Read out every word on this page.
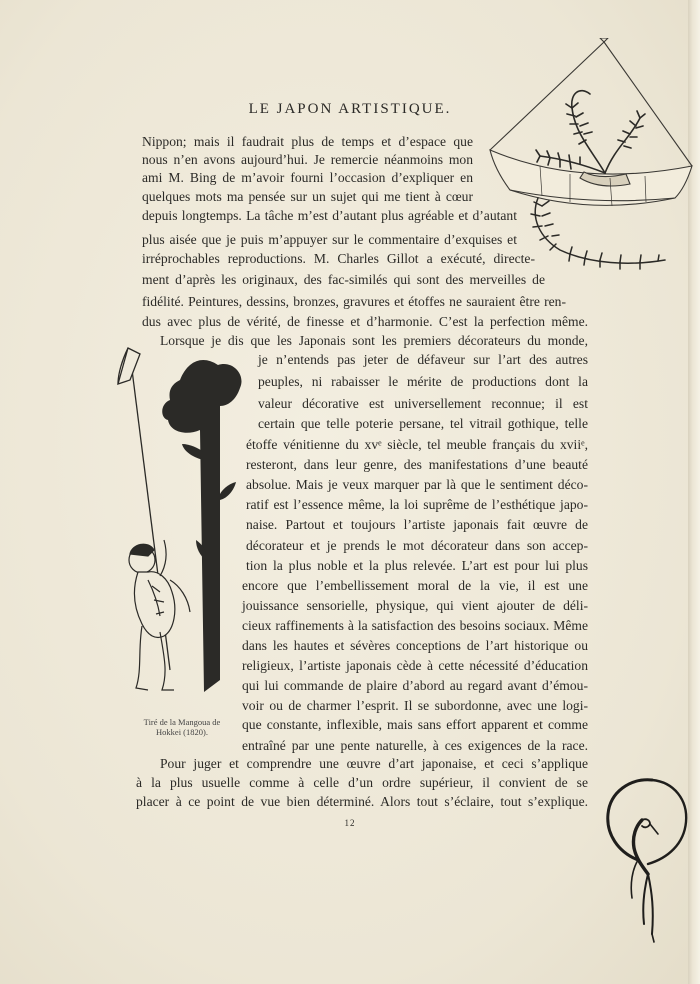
LE JAPON ARTISTIQUE.
Tiré de la Mangoua de
Hokkei (1820).
Nippon; mais il faudrait plus de temps et d’espace que
nous n’en avons aujourd’hui. Je remercie néanmoins mon
ami M. Bing de m’avoir fourni l’occasion d’expliquer en
quelques mots ma pensée sur un sujet qui me tient à cœur
depuis longtemps. La tâche m’est d’autant plus agréable et d’autant
plus aisée que je puis m’appuyer sur le commentaire d’exquises et
irréprochables reproductions. M. Charles Gillot a exécuté, directe-
ment d’après les originaux, des fac-similés qui sont des merveilles de
fidélité. Peintures, dessins, bronzes, gravures et étoffes ne sauraient être ren-
dus avec plus de vérité, de finesse et d’harmonie. C’est la perfection même.
Lorsque je dis que les Japonais sont les premiers décorateurs du monde,
je n’entends pas jeter de défaveur sur l’art des autres
peuples, ni rabaisser le mérite de productions dont la
valeur décorative est universellement reconnue; il est
certain que telle poterie persane, tel vitrail gothique, telle
étoffe vénitienne du xvᵉ siècle, tel meuble français du xviiᵉ,
resteront, dans leur genre, des manifestations d’une beauté
absolue. Mais je veux marquer par là que le sentiment déco-
ratif est l’essence même, la loi suprême de l’esthétique japo-
naise. Partout et toujours l’artiste japonais fait œuvre de
décorateur et je prends le mot décorateur dans son accep-
tion la plus noble et la plus relevée. L’art est pour lui plus
encore que l’embellissement moral de la vie, il est une
jouissance sensorielle, physique, qui vient ajouter de déli-
cieux raffinements à la satisfaction des besoins sociaux. Même
dans les hautes et sévères conceptions de l’art historique ou
religieux, l’artiste japonais cède à cette nécessité d’éducation
qui lui commande de plaire d’abord au regard avant d’émou-
voir ou de charmer l’esprit. Il se subordonne, avec une logi-
que constante, inflexible, mais sans effort apparent et comme
entraîné par une pente naturelle, à ces exigences de la race.
Pour juger et comprendre une œuvre d’art japonaise, et ceci s’applique
à la plus usuelle comme à celle d’un ordre supérieur, il convient de se
placer à ce point de vue bien déterminé. Alors tout s’éclaire, tout s’explique.
12
